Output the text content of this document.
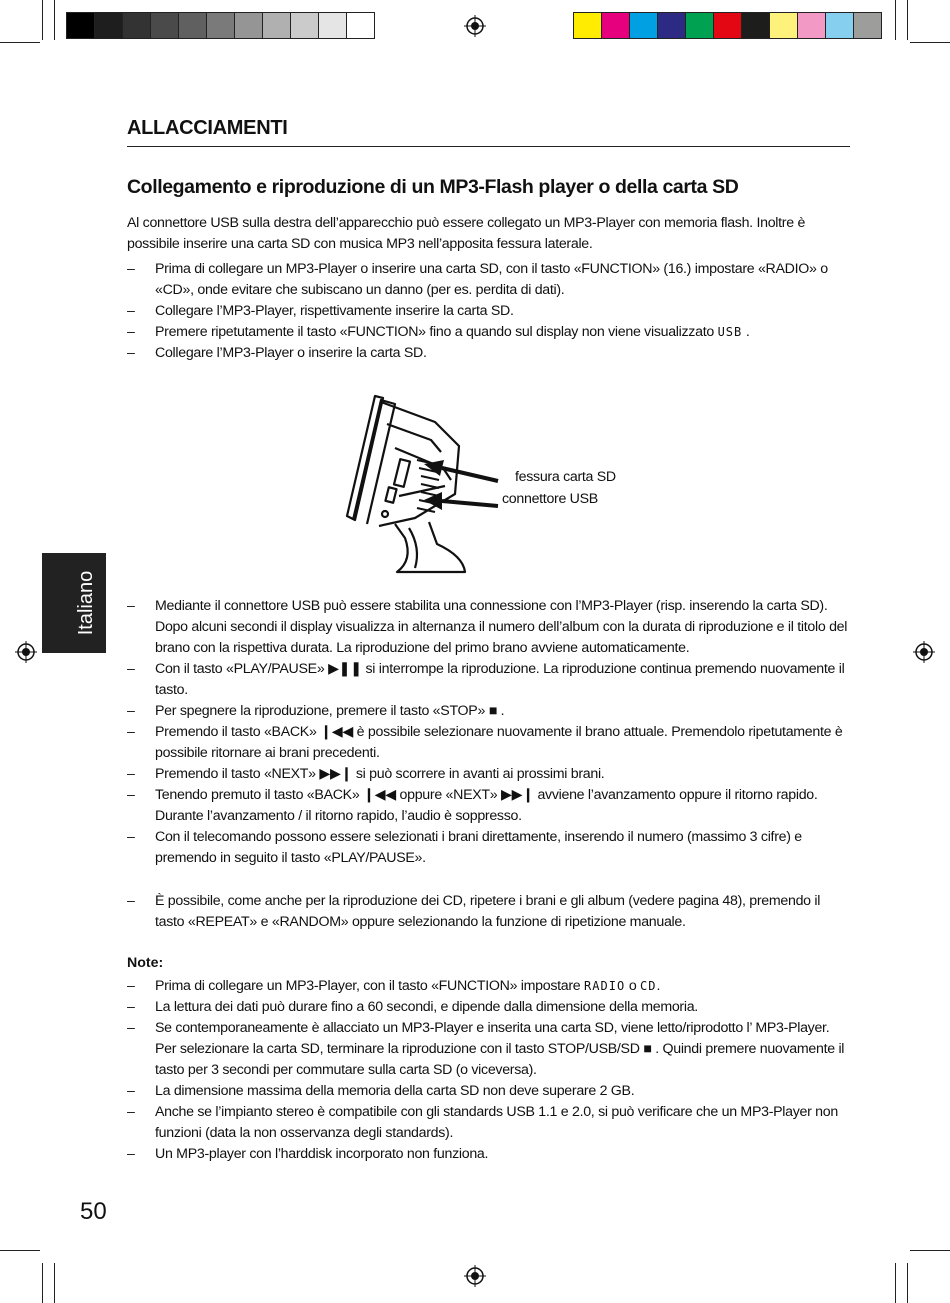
ALLACCIAMENTI
Collegamento e riproduzione di un MP3-Flash player o della carta SD
Al connettore USB sulla destra dell’apparecchio può essere collegato un MP3-Player con memoria flash. Inoltre è
possibile inserire una carta SD con musica MP3 nell’apposita fessura laterale.
– Prima di collegare un MP3-Player o inserire una carta SD, con il tasto «FUNCTION» (16.) impostare «RADIO» o «CD», onde evitare che subiscano un danno (per es. perdita di dati).
– Collegare l’MP3-Player, rispettivamente inserire la carta SD.
– Premere ripetutamente il tasto «FUNCTION» fino a quando sul display non viene visualizzato USB .
– Collegare l’MP3-Player o inserire la carta SD.
fessura carta SD
connettore USB
Italiano
–	Mediante il connettore USB può essere stabilita una connessione con l’MP3-Player (risp. inserendo la carta SD). Dopo alcuni secondi il display visualizza in alternanza il numero dell’album con la durata di riproduzione e il titolo del brano con la rispettiva durata. La riproduzione del primo brano avviene automaticamente.
– Con il tasto «PLAY/PAUSE» ▶❚❚ si interrompe la riproduzione. La riproduzione continua premendo nuovamente il tasto.
– Per spegnere la riproduzione, premere il tasto «STOP» ■ .
– Premendo il tasto «BACK» ❙◀◀ è possibile selezionare nuovamente il brano attuale. Premendolo ripetutamente è possibile ritornare ai brani precedenti.
– Premendo il tasto «NEXT» ▶▶❙ si può scorrere in avanti ai prossimi brani.
– Tenendo premuto il tasto «BACK» ❙◀◀ oppure «NEXT» ▶▶❙ avviene l’avanzamento oppure il ritorno rapido. Durante l’avanzamento / il ritorno rapido, l’audio è soppresso.
– Con il telecomando possono essere selezionati i brani direttamente, inserendo il numero (massimo 3 cifre) e premendo in seguito il tasto «PLAY/PAUSE».
– È possibile, come anche per la riproduzione dei CD, ripetere i brani e gli album (vedere pagina 48), premendo il tasto «REPEAT» e «RANDOM» oppure selezionando la funzione di ripetizione manuale.
Note:
– Prima di collegare un MP3-Player, con il tasto «FUNCTION» impostare RADIO o CD.
– La lettura dei dati può durare fino a 60 secondi, e dipende dalla dimensione della memoria.
– Se contemporaneamente è allacciato un MP3-Player e inserita una carta SD, viene letto/riprodotto l’ MP3-Player. Per selezionare la carta SD, terminare la riproduzione con il tasto STOP/USB/SD ■ . Quindi premere nuovamente il tasto per 3 secondi per commutare sulla carta SD (o viceversa).
– La dimensione massima della memoria della carta SD non deve superare 2 GB.
– Anche se l’impianto stereo è compatibile con gli standards USB 1.1 e 2.0, si può verificare che un MP3-Player non funzioni (data la non osservanza degli standards).
– Un MP3-player con l’harddisk incorporato non funziona.
50
